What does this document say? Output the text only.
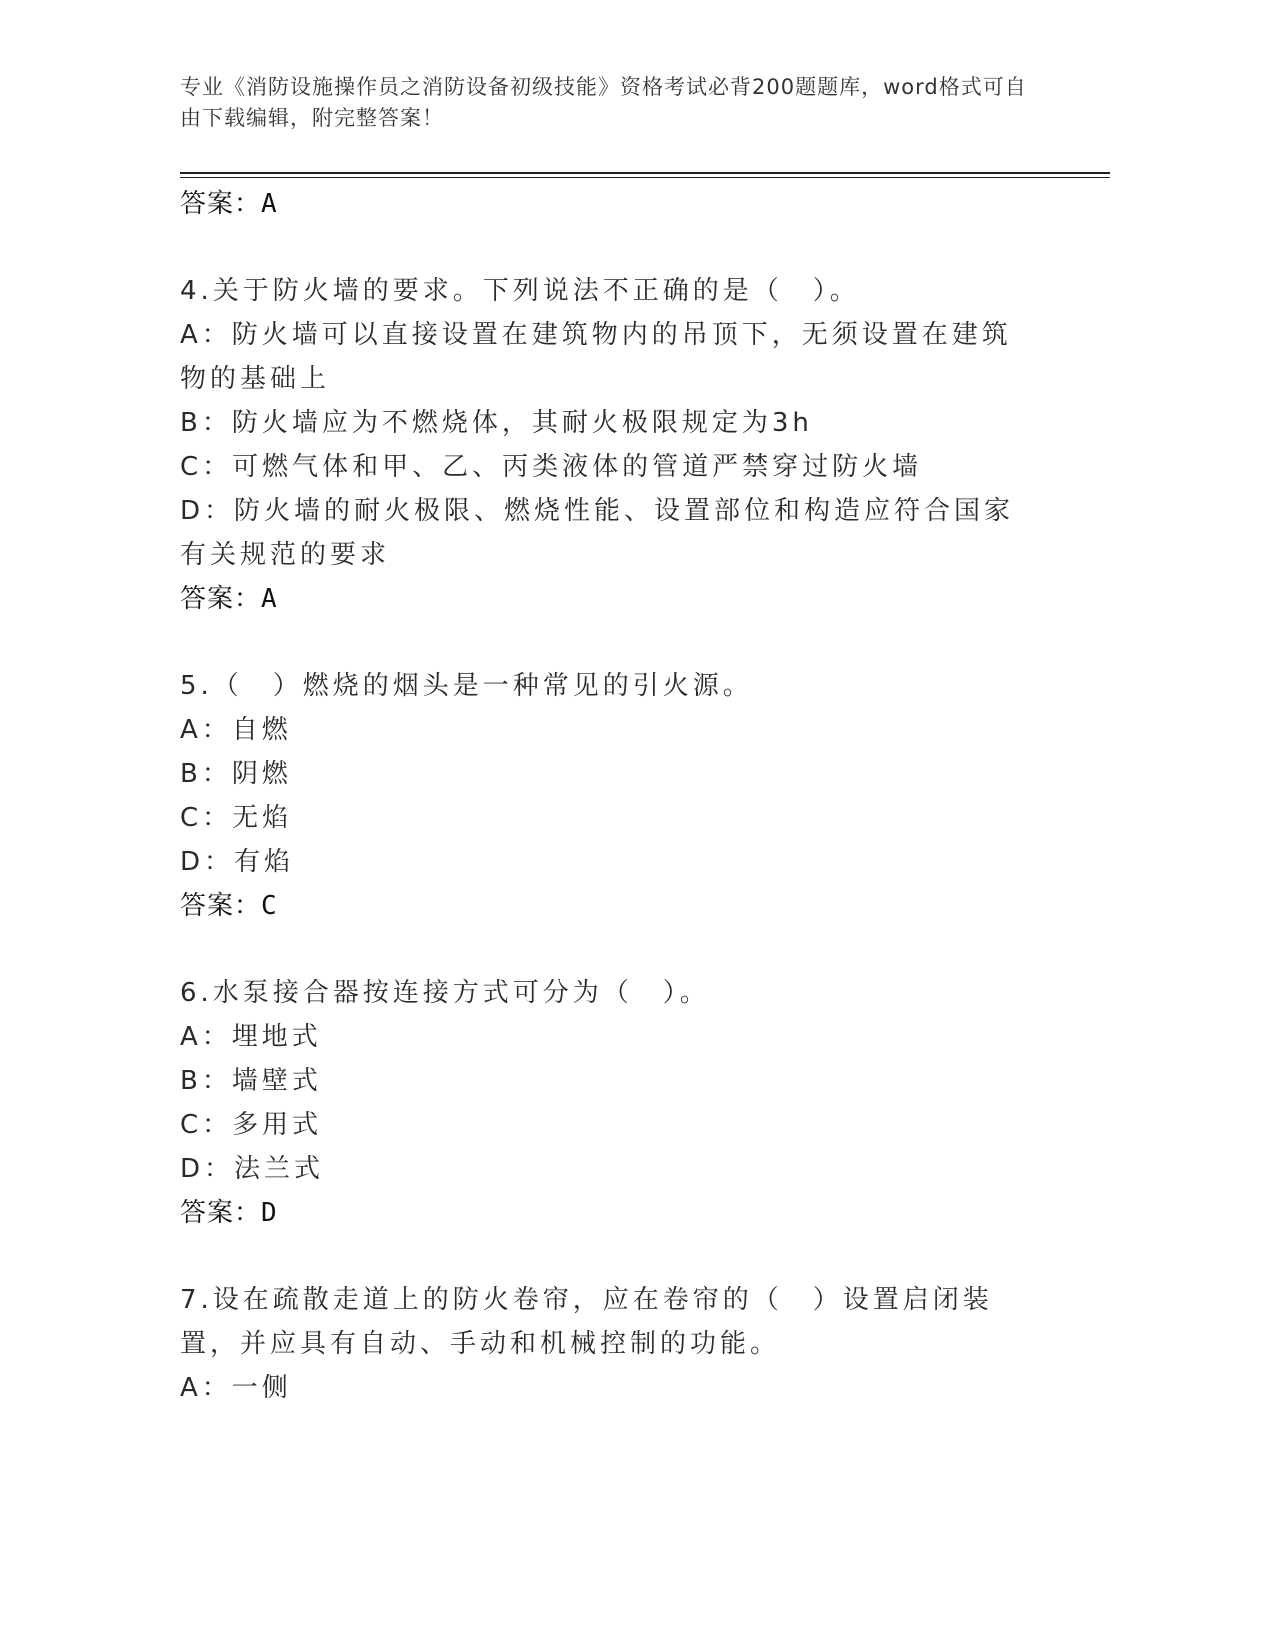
专业《消防设施操作员之消防设备初级技能》资格考试必背200题题库，word格式可自由下载编辑，附完整答案！
答案：A
4.关于防火墙的要求。下列说法不正确的是（　）。
A：防火墙可以直接设置在建筑物内的吊顶下，无须设置在建筑物的基础上
B：防火墙应为不燃烧体，其耐火极限规定为3h
C：可燃气体和甲、乙、丙类液体的管道严禁穿过防火墙
D：防火墙的耐火极限、燃烧性能、设置部位和构造应符合国家有关规范的要求
答案：A
5.（　）燃烧的烟头是一种常见的引火源。
A：自燃
B：阴燃
C：无焰
D：有焰
答案：C
6.水泵接合器按连接方式可分为（　）。
A：埋地式
B：墙壁式
C：多用式
D：法兰式
答案：D
7.设在疏散走道上的防火卷帘，应在卷帘的（　）设置启闭装置，并应具有自动、手动和机械控制的功能。
A：一侧
